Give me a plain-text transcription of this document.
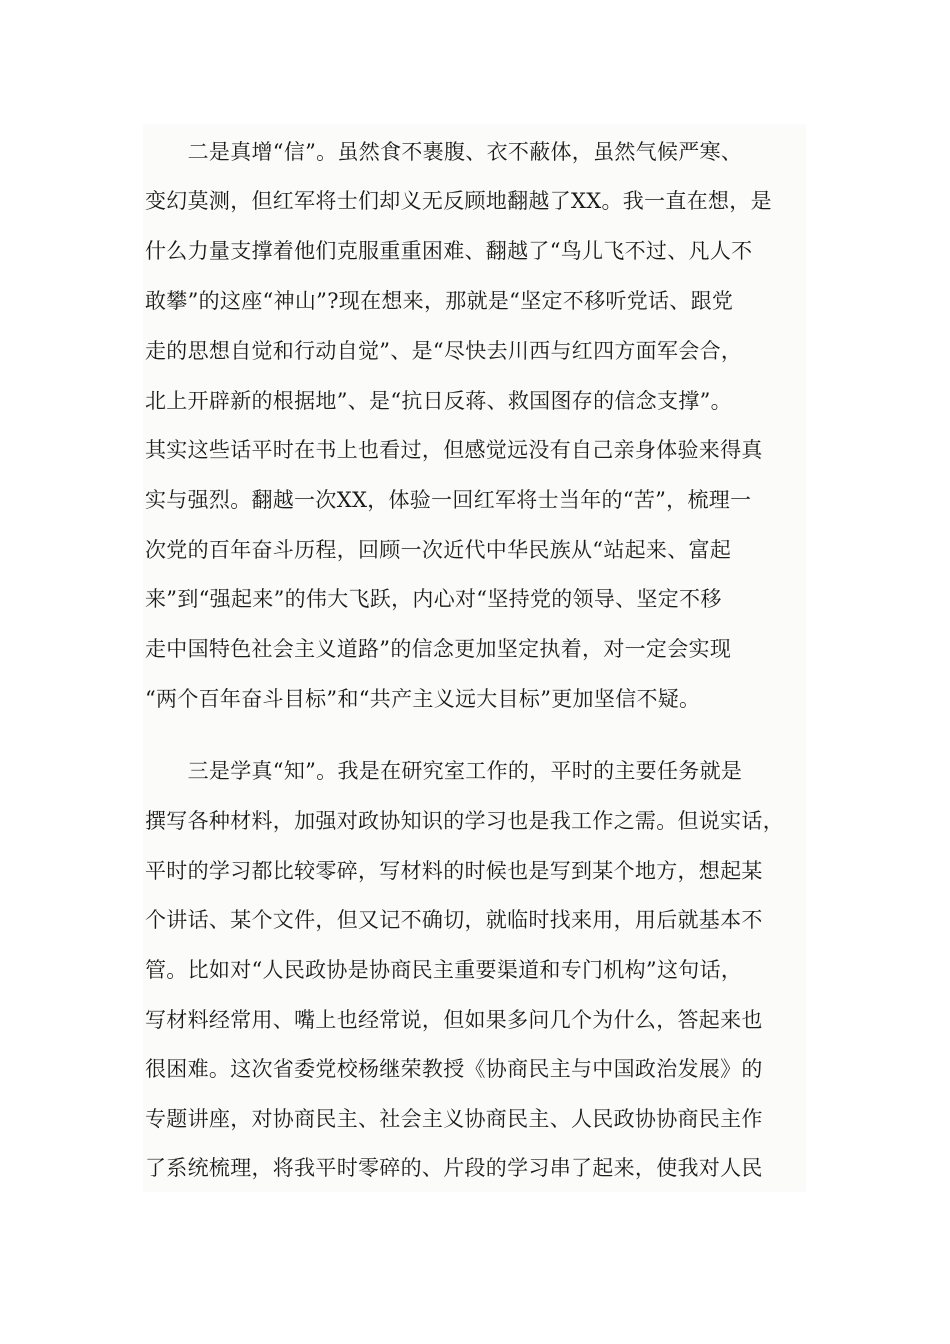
　　二是真增“信”。虽然食不裹腹、衣不蔽体，虽然气候严寒、
变幻莫测，但红军将士们却义无反顾地翻越了XX。我一直在想，是
什么力量支撑着他们克服重重困难、翻越了“鸟儿飞不过、凡人不
敢攀”的这座“神山”?现在想来，那就是“坚定不移听党话、跟党
走的思想自觉和行动自觉”、是“尽快去川西与红四方面军会合，
北上开辟新的根据地”、是“抗日反蒋、救国图存的信念支撑”。
其实这些话平时在书上也看过，但感觉远没有自己亲身体验来得真
实与强烈。翻越一次XX，体验一回红军将士当年的“苦”，梳理一
次党的百年奋斗历程，回顾一次近代中华民族从“站起来、富起
来”到“强起来”的伟大飞跃，内心对“坚持党的领导、坚定不移
走中国特色社会主义道路”的信念更加坚定执着，对一定会实现
“两个百年奋斗目标”和“共产主义远大目标”更加坚信不疑。
　　三是学真“知”。我是在研究室工作的，平时的主要任务就是
撰写各种材料，加强对政协知识的学习也是我工作之需。但说实话，
平时的学习都比较零碎，写材料的时候也是写到某个地方，想起某
个讲话、某个文件，但又记不确切，就临时找来用，用后就基本不
管。比如对“人民政协是协商民主重要渠道和专门机构”这句话，
写材料经常用、嘴上也经常说，但如果多问几个为什么，答起来也
很困难。这次省委党校杨继荣教授《协商民主与中国政治发展》的
专题讲座，对协商民主、社会主义协商民主、人民政协协商民主作
了系统梳理，将我平时零碎的、片段的学习串了起来，使我对人民
